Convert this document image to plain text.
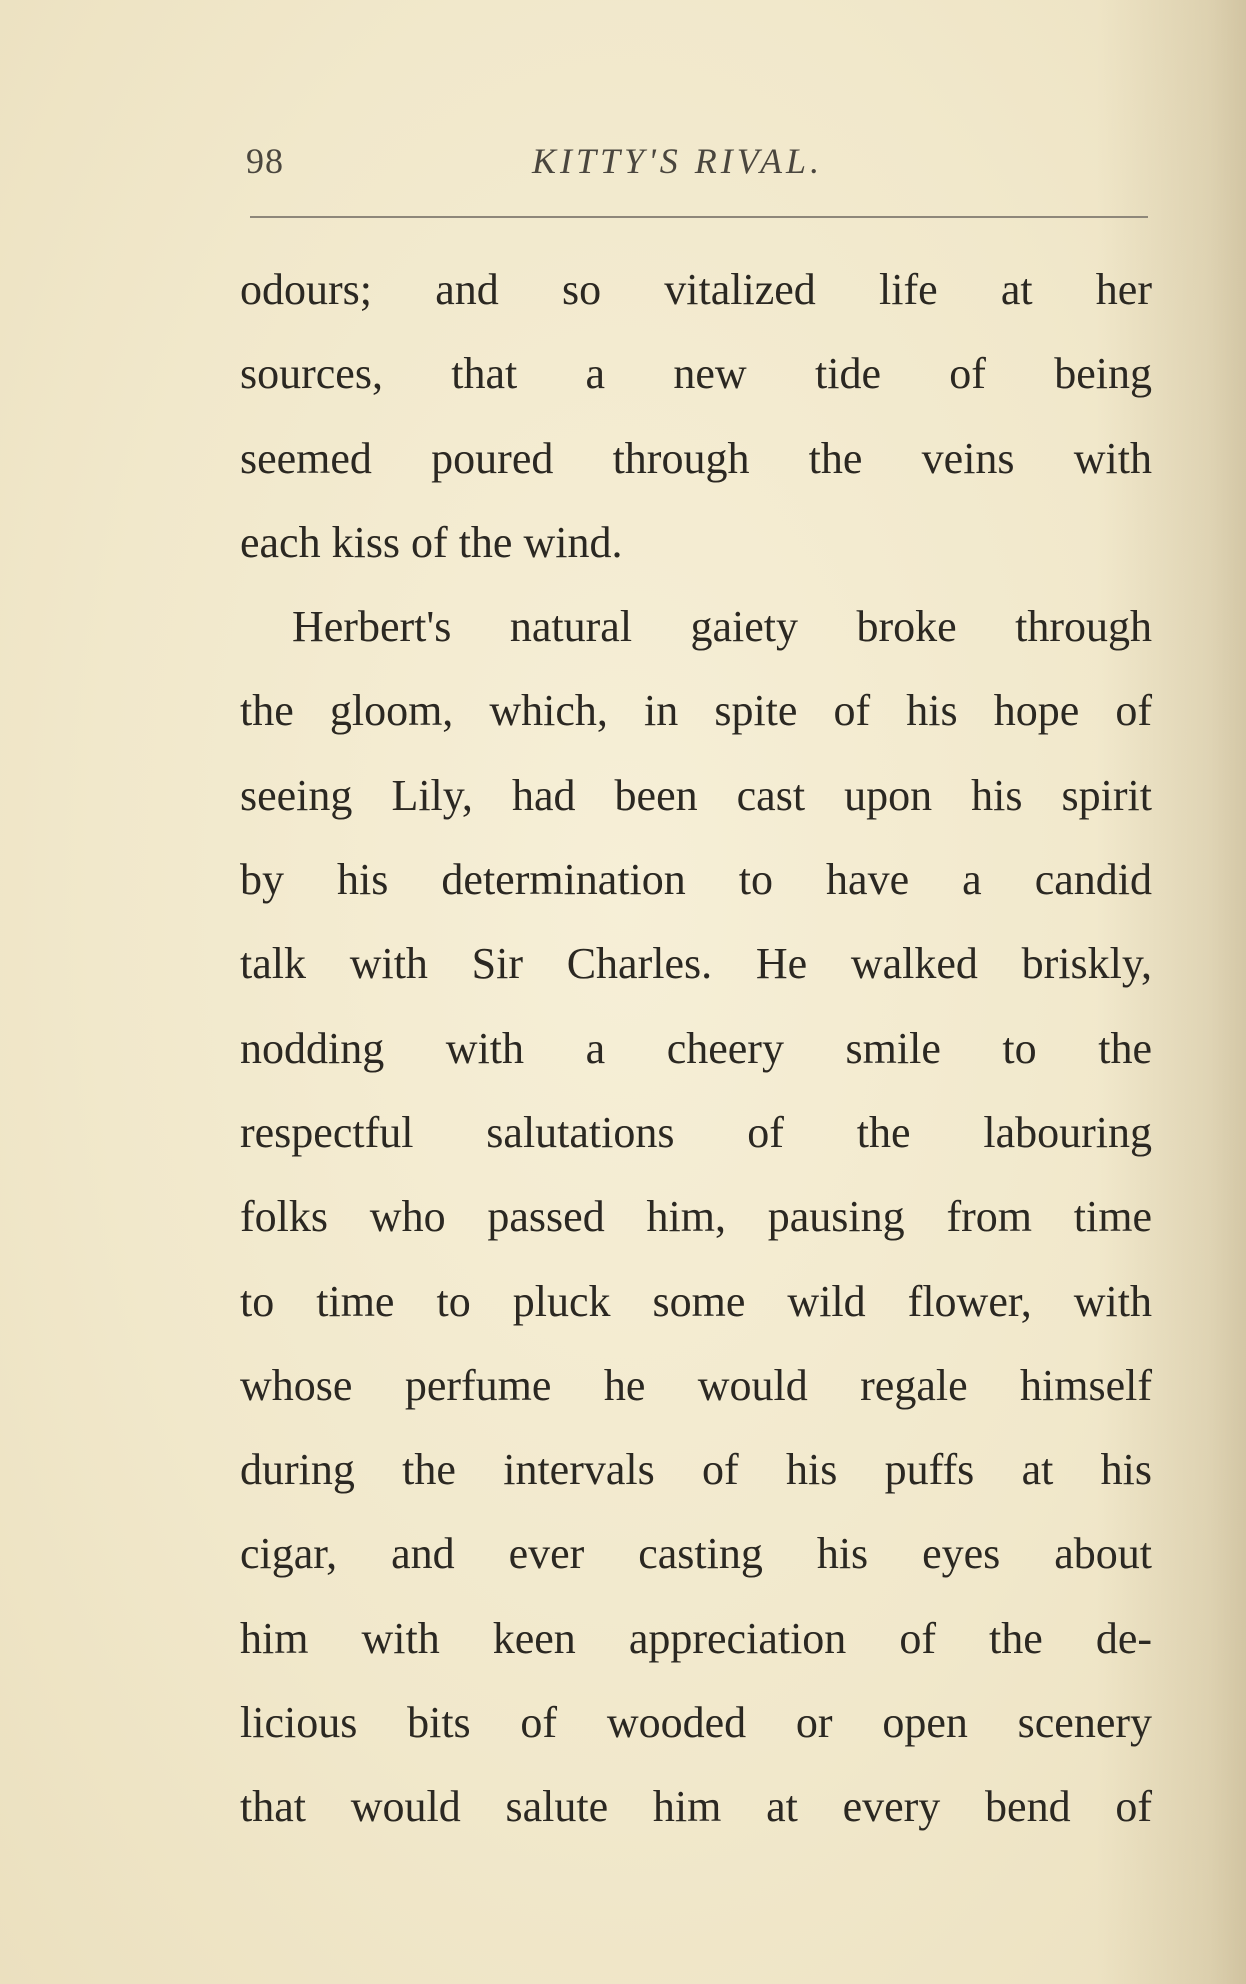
98	KITTY'S RIVAL.
odours; and so vitalized life at her
sources, that a new tide of being
seemed poured through the veins with
each kiss of the wind.
Herbert's natural gaiety broke through
the gloom, which, in spite of his hope of
seeing Lily, had been cast upon his spirit
by his determination to have a candid
talk with Sir Charles. He walked briskly,
nodding with a cheery smile to the
respectful salutations of the labouring
folks who passed him, pausing from time
to time to pluck some wild flower, with
whose perfume he would regale himself
during the intervals of his puffs at his
cigar, and ever casting his eyes about
him with keen appreciation of the de-
licious bits of wooded or open scenery
that would salute him at every bend of
